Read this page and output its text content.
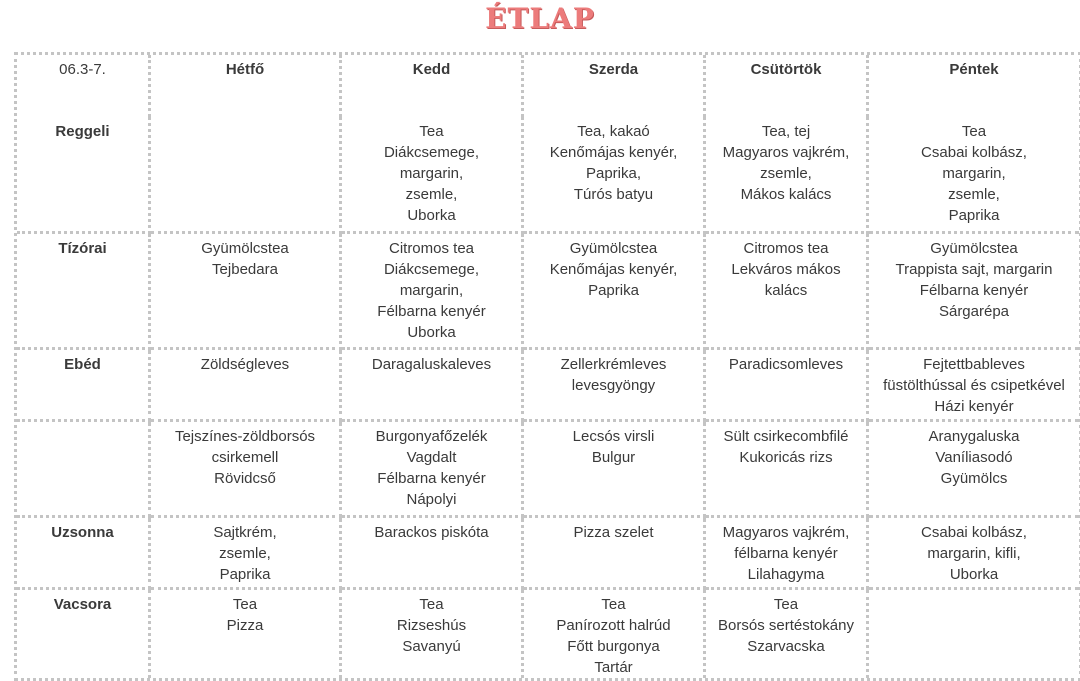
ÉTLAP
06.3-7.	Hétfő	Kedd	Szerda	Csütörtök	Péntek
Reggeli		Tea
Diákcsemege,
margarin,
zsemle,
Uborka	Tea, kakaó
Kenőmájas kenyér,
Paprika,
Túrós batyu	Tea, tej
Magyaros vajkrém,
zsemle,
Mákos kalács	Tea
Csabai kolbász,
margarin,
zsemle,
Paprika
Tízórai	Gyümölcstea
Tejbedara	Citromos tea
Diákcsemege,
margarin,
Félbarna kenyér
Uborka	Gyümölcstea
Kenőmájas kenyér,
Paprika	Citromos tea
Lekváros mákos
kalács	Gyümölcstea
Trappista sajt, margarin
Félbarna kenyér
Sárgarépa
Ebéd	Zöldségleves	Daragaluskaleves	Zellerkrémleves
levesgyöngy	Paradicsomleves	Fejtettbableves
füstölthússal és csipetkével
Házi kenyér
	Tejszínes-zöldborsós
csirkemell
Rövidcső	Burgonyafőzelék
Vagdalt
Félbarna kenyér
Nápolyi	Lecsós virsli
Bulgur	Sült csirkecombfilé
Kukoricás rizs	Aranygaluska
Vaníliasodó
Gyümölcs
Uzsonna	Sajtkrém,
zsemle,
Paprika	Barackos piskóta	Pizza szelet	Magyaros vajkrém,
félbarna kenyér
Lilahagyma	Csabai kolbász,
margarin, kifli,
Uborka
Vacsora	Tea
Pizza	Tea
Rizseshús
Savanyú	Tea
Panírozott halrúd
Főtt burgonya
Tartár	Tea
Borsós sertéstokány
Szarvacska	
